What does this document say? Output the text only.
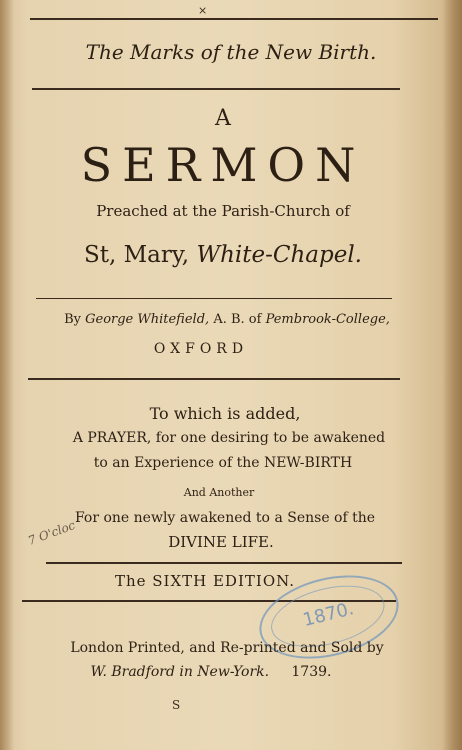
×
The Marks of the New Birth.
A
SERMON
Preached at the Parish-Church of
St, Mary, White-Chapel.
By George Whitefield, A. B. of Pembrook-College,
OXFORD
To which is added,
A PRAYER, for one desiring to be awakened
to an Experience of the NEW-BIRTH
And Another
For one newly awakened to a Sense of the
DIVINE LIFE.
The SIXTH EDITION.
1870.
London Printed, and Re-printed and Sold by
W. Bradford in New-York. 1739.
7 O'cloc
S
